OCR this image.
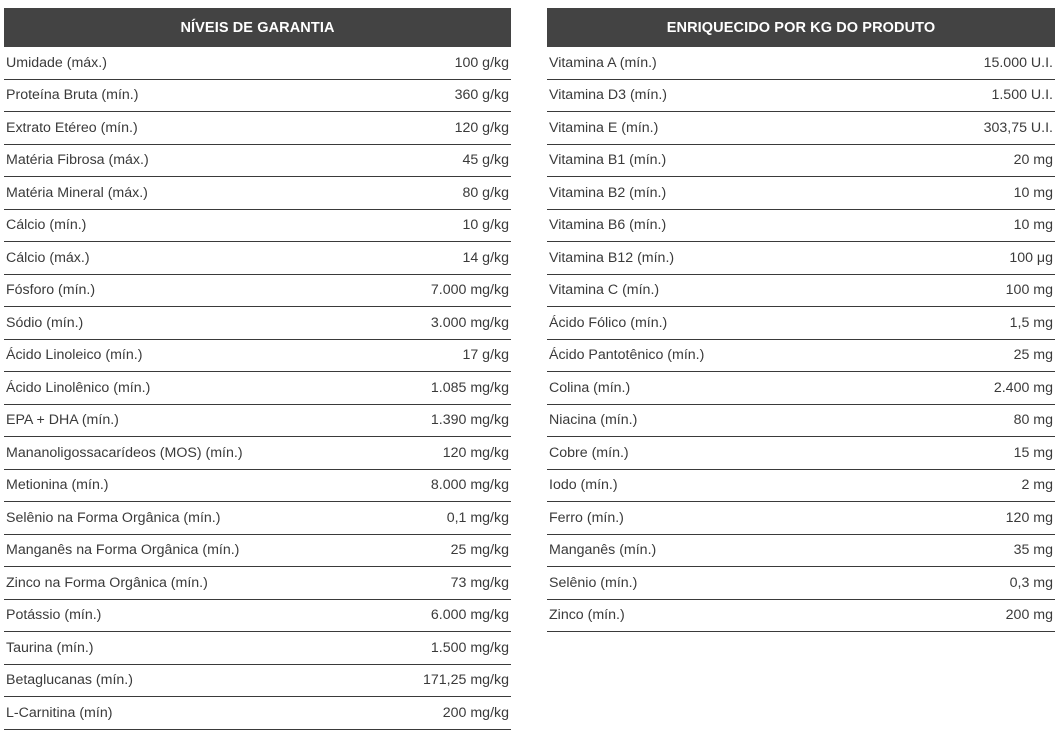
NÍVEIS DE GARANTIA
Umidade (máx.)	100 g/kg
Proteína Bruta (mín.)	360 g/kg
Extrato Etéreo (mín.)	120 g/kg
Matéria Fibrosa (máx.)	45 g/kg
Matéria Mineral (máx.)	80 g/kg
Cálcio (mín.)	10 g/kg
Cálcio (máx.)	14 g/kg
Fósforo (mín.)	7.000 mg/kg
Sódio (mín.)	3.000 mg/kg
Ácido Linoleico (mín.)	17 g/kg
Ácido Linolênico (mín.)	1.085 mg/kg
EPA + DHA (mín.)	1.390 mg/kg
Mananoligossacarídeos (MOS) (mín.)	120 mg/kg
Metionina (mín.)	8.000 mg/kg
Selênio na Forma Orgânica (mín.)	0,1 mg/kg
Manganês na Forma Orgânica (mín.)	25 mg/kg
Zinco na Forma Orgânica (mín.)	73 mg/kg
Potássio (mín.)	6.000 mg/kg
Taurina (mín.)	1.500 mg/kg
Betaglucanas (mín.)	171,25 mg/kg
L-Carnitina (mín)	200 mg/kg
ENRIQUECIDO POR KG DO PRODUTO
Vitamina A (mín.)	15.000 U.I.
Vitamina D3 (mín.)	1.500 U.I.
Vitamina E (mín.)	303,75 U.I.
Vitamina B1 (mín.)	20 mg
Vitamina B2 (mín.)	10 mg
Vitamina B6 (mín.)	10 mg
Vitamina B12 (mín.)	100 μg
Vitamina C (mín.)	100 mg
Ácido Fólico (mín.)	1,5 mg
Ácido Pantotênico (mín.)	25 mg
Colina (mín.)	2.400 mg
Niacina (mín.)	80 mg
Cobre (mín.)	15 mg
Iodo (mín.)	2 mg
Ferro (mín.)	120 mg
Manganês (mín.)	35 mg
Selênio (mín.)	0,3 mg
Zinco (mín.)	200 mg
